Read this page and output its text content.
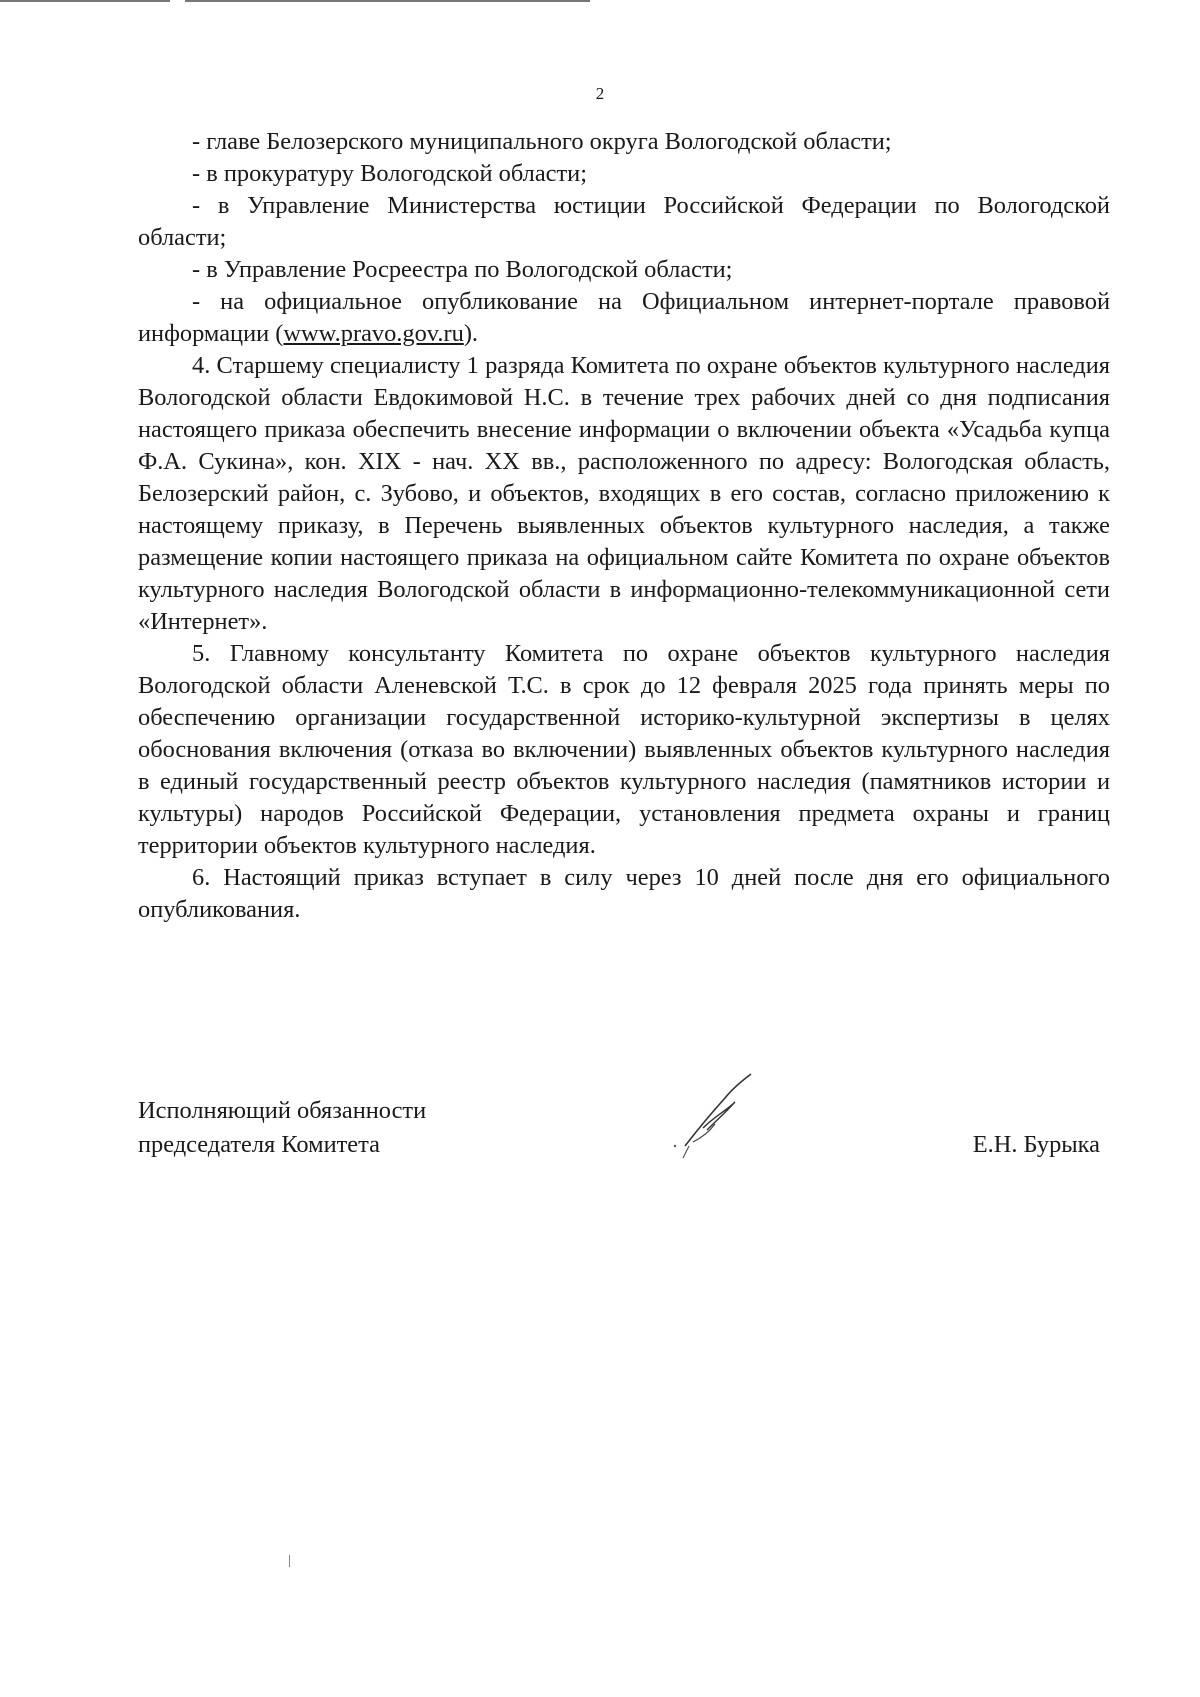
2

- главе Белозерского муниципального округа Вологодской области;

- в прокуратуру Вологодской области;

- в Управление Министерства юстиции Российской Федерации по Вологодской области;

- в Управление Росреестра по Вологодской области;

- на официальное опубликование на Официальном интернет-портале правовой информации (www.pravo.gov.ru).

4. Старшему специалисту 1 разряда Комитета по охране объектов культурного наследия Вологодской области Евдокимовой Н.С. в течение трех рабочих дней со дня подписания настоящего приказа обеспечить внесение информации о включении объекта «Усадьба купца Ф.А. Сукина», кон. XIX - нач. XX вв., расположенного по адресу: Вологодская область, Белозерский район, с. Зубово, и объектов, входящих в его состав, согласно приложению к настоящему приказу, в Перечень выявленных объектов культурного наследия, а также размещение копии настоящего приказа на официальном сайте Комитета по охране объектов культурного наследия Вологодской области в информационно-телекоммуникационной сети «Интернет».

5. Главному консультанту Комитета по охране объектов культурного наследия Вологодской области Аленевской Т.С. в срок до 12 февраля 2025 года принять меры по обеспечению организации государственной историко-культурной экспертизы в целях обоснования включения (отказа во включении) выявленных объектов культурного наследия в единый государственный реестр объектов культурного наследия (памятников истории и культуры) народов Российской Федерации, установления предмета охраны и границ территории объектов культурного наследия.

6. Настоящий приказ вступает в силу через 10 дней после дня его официального опубликования.

Исполняющий обязанности
председателя Комитета	Е.Н. Бурыка
